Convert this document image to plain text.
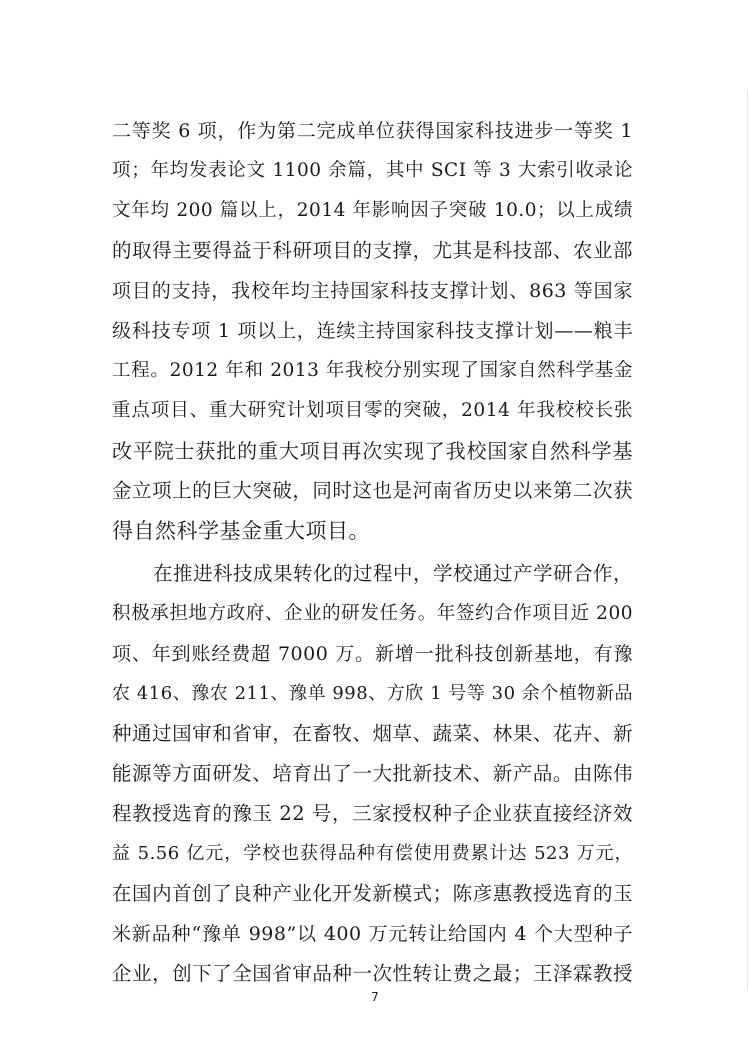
二等奖 6 项，作为第二完成单位获得国家科技进步一等奖 1
项；年均发表论文 1100 余篇，其中 SCI 等 3 大索引收录论
文年均 200 篇以上，2014 年影响因子突破 10.0；以上成绩
的取得主要得益于科研项目的支撑，尤其是科技部、农业部
项目的支持，我校年均主持国家科技支撑计划、863 等国家
级科技专项 1 项以上，连续主持国家科技支撑计划——粮丰
工程。2012 年和 2013 年我校分别实现了国家自然科学基金
重点项目、重大研究计划项目零的突破，2014 年我校校长张
改平院士获批的重大项目再次实现了我校国家自然科学基
金立项上的巨大突破，同时这也是河南省历史以来第二次获
得自然科学基金重大项目。
在推进科技成果转化的过程中，学校通过产学研合作，
积极承担地方政府、企业的研发任务。年签约合作项目近 200
项、年到账经费超 7000 万。新增一批科技创新基地，有豫
农 416、豫农 211、豫单 998、方欣 1 号等 30 余个植物新品
种通过国审和省审，在畜牧、烟草、蔬菜、林果、花卉、新
能源等方面研发、培育出了一大批新技术、新产品。由陈伟
程教授选育的豫玉 22 号，三家授权种子企业获直接经济效
益 5.56 亿元，学校也获得品种有偿使用费累计达 523 万元，
在国内首创了良种产业化开发新模式；陈彦惠教授选育的玉
米新品种“豫单 998”以 400 万元转让给国内 4 个大型种子
企业，创下了全国省审品种一次性转让费之最；王泽霖教授
7
